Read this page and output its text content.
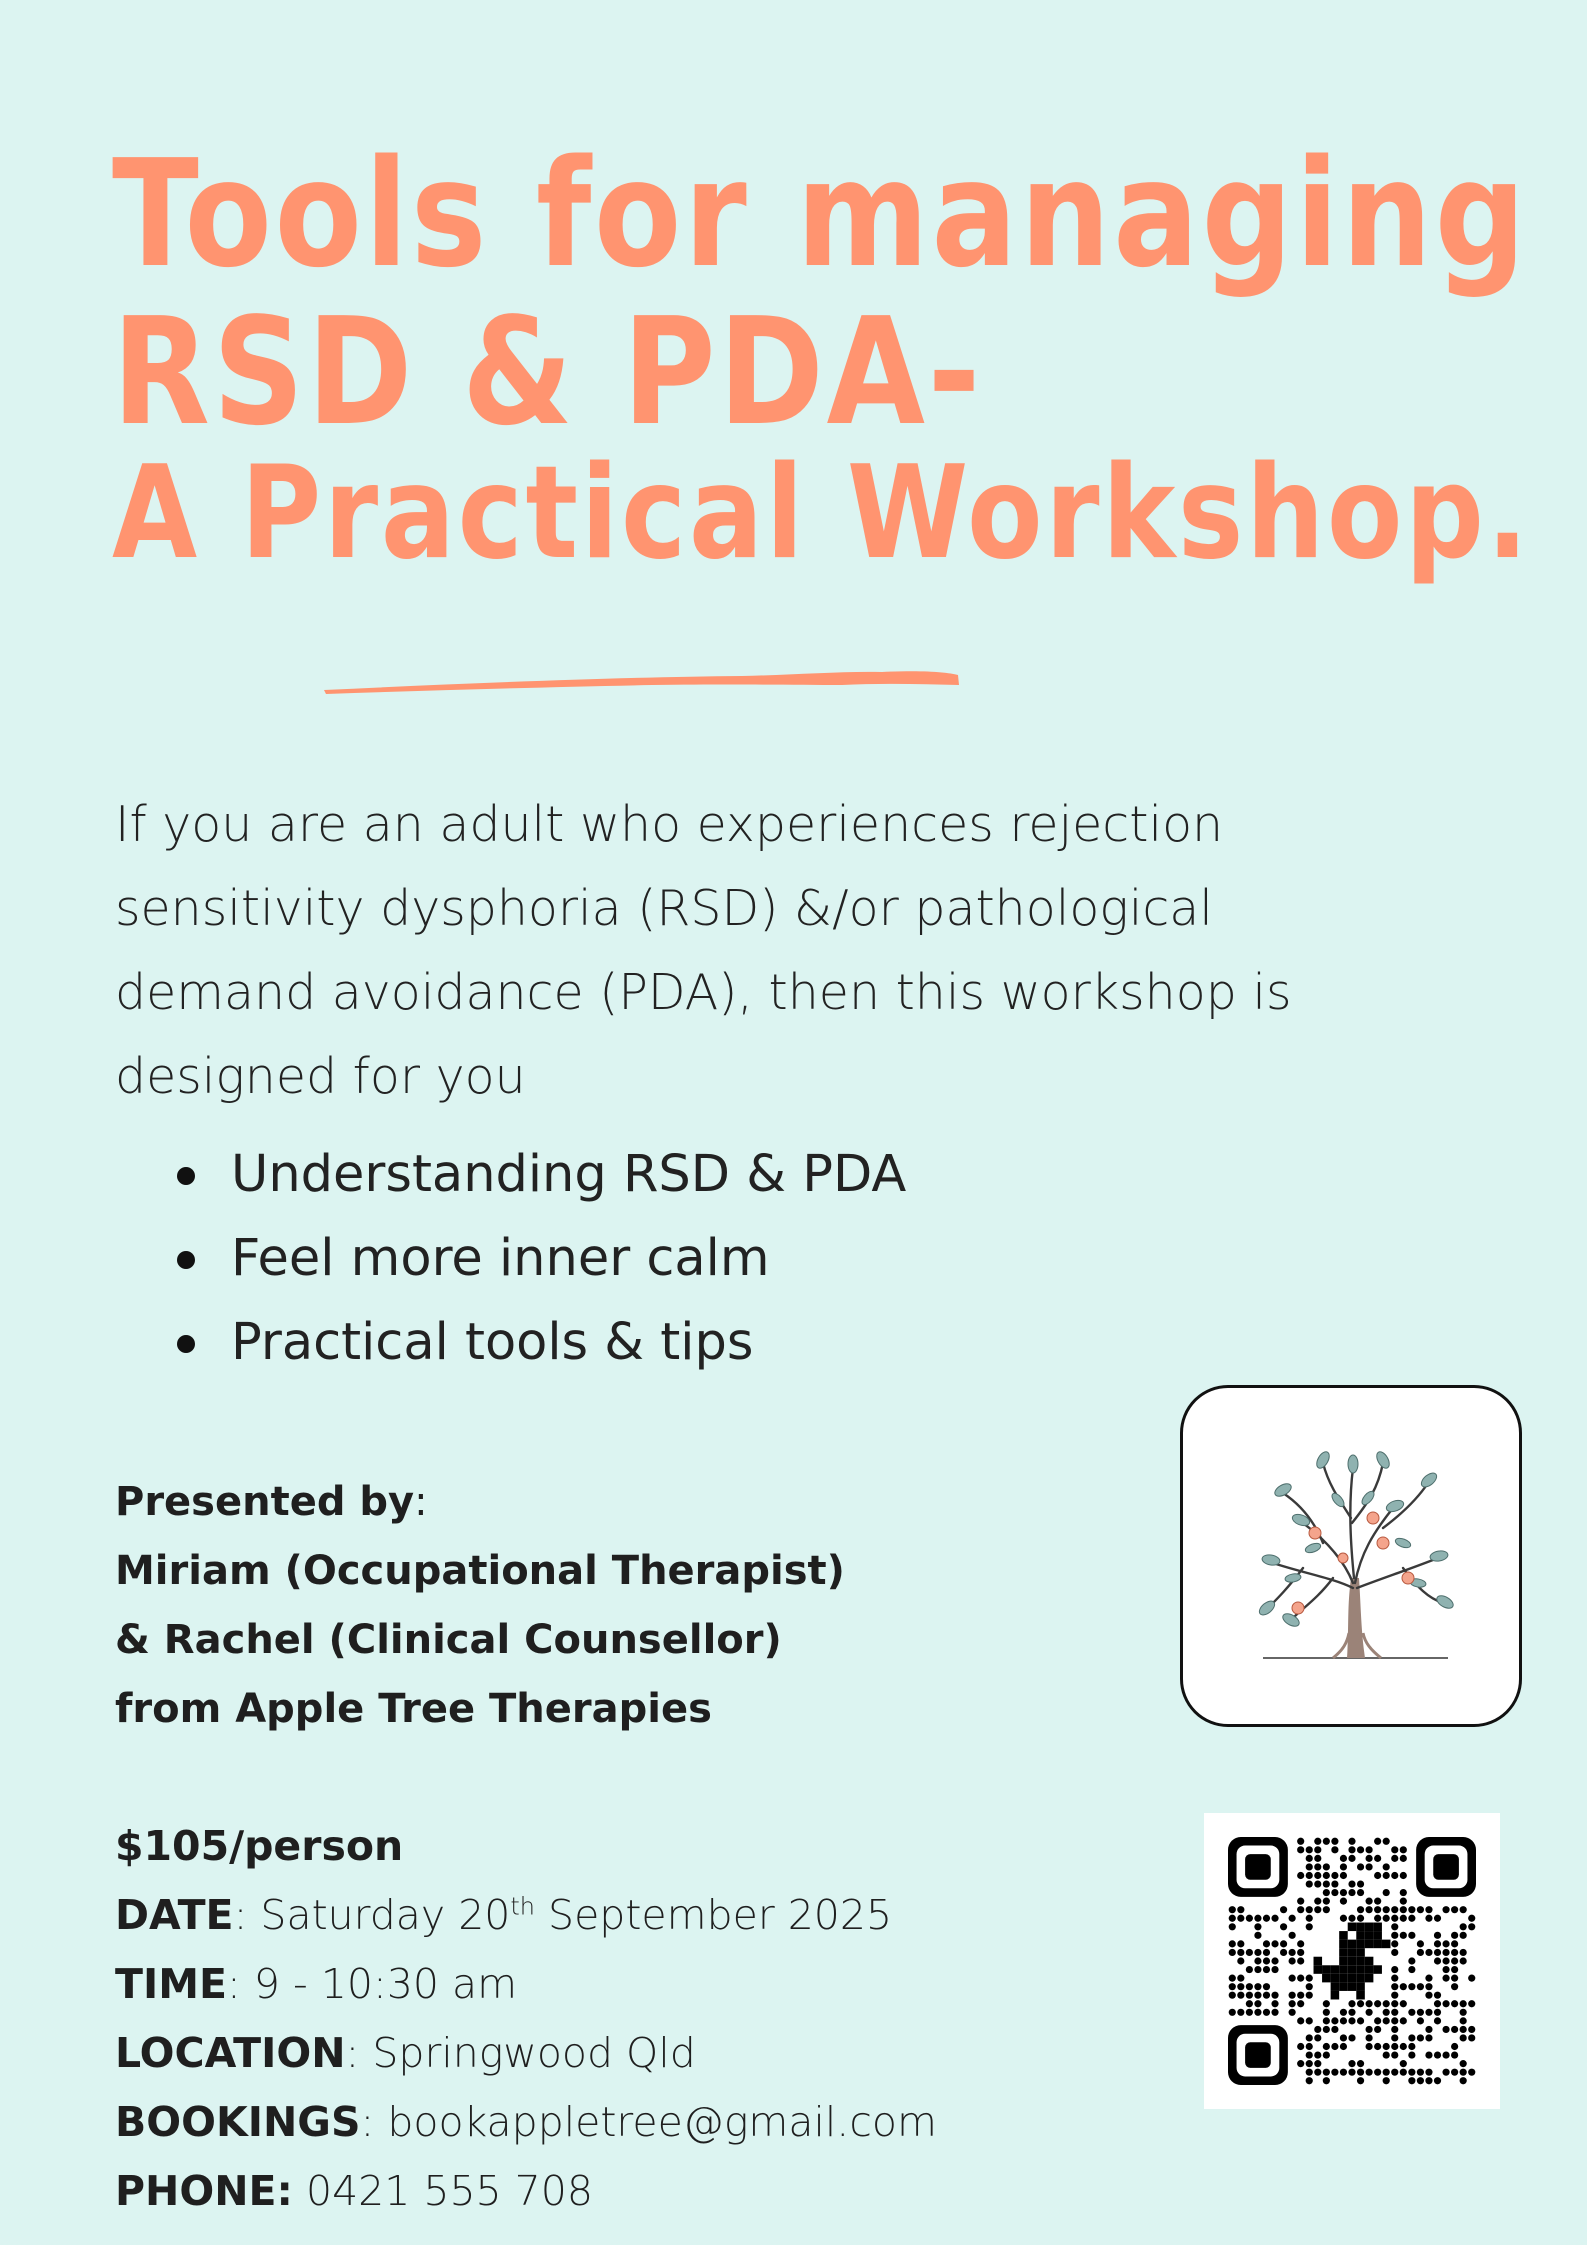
Tools for managing
RSD & PDA-
A Practical Workshop.

If you are an adult who experiences rejection sensitivity dysphoria (RSD) &/or pathological demand avoidance (PDA), then this workshop is designed for you

Understanding RSD & PDA
Feel more inner calm
Practical tools & tips
Presented by:
Miriam (Occupational Therapist)
& Rachel (Clinical Counsellor)
from Apple Tree Therapies
$105/person
DATE: Saturday 20th September 2025
TIME: 9 - 10:30 am
LOCATION: Springwood Qld
BOOKINGS: bookappletree@gmail.com
PHONE: 0421 555 708
